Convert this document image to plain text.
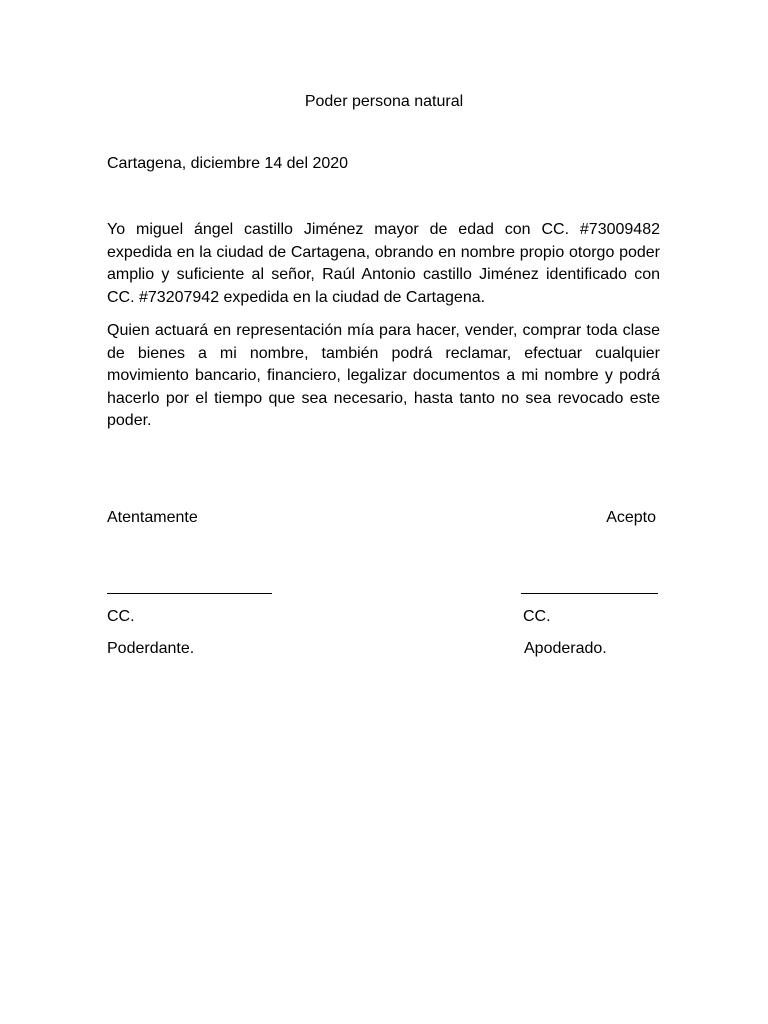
Poder persona natural
Cartagena, diciembre 14 del 2020

Yo miguel ángel castillo Jiménez mayor de edad con CC. #73009482 expedida en la ciudad de Cartagena, obrando en nombre propio otorgo poder amplio y suficiente al señor, Raúl Antonio castillo Jiménez identificado con CC. #73207942 expedida en la ciudad de Cartagena.

Quien actuará en representación mía para hacer, vender, comprar toda clase de bienes a mi nombre, también podrá reclamar, efectuar cualquier movimiento bancario, financiero, legalizar documentos a mi nombre y podrá hacerlo por el tiempo que sea necesario, hasta tanto no sea revocado este poder.

Atentamente	Acepto
CC.	CC.
Poderdante.	Apoderado.
